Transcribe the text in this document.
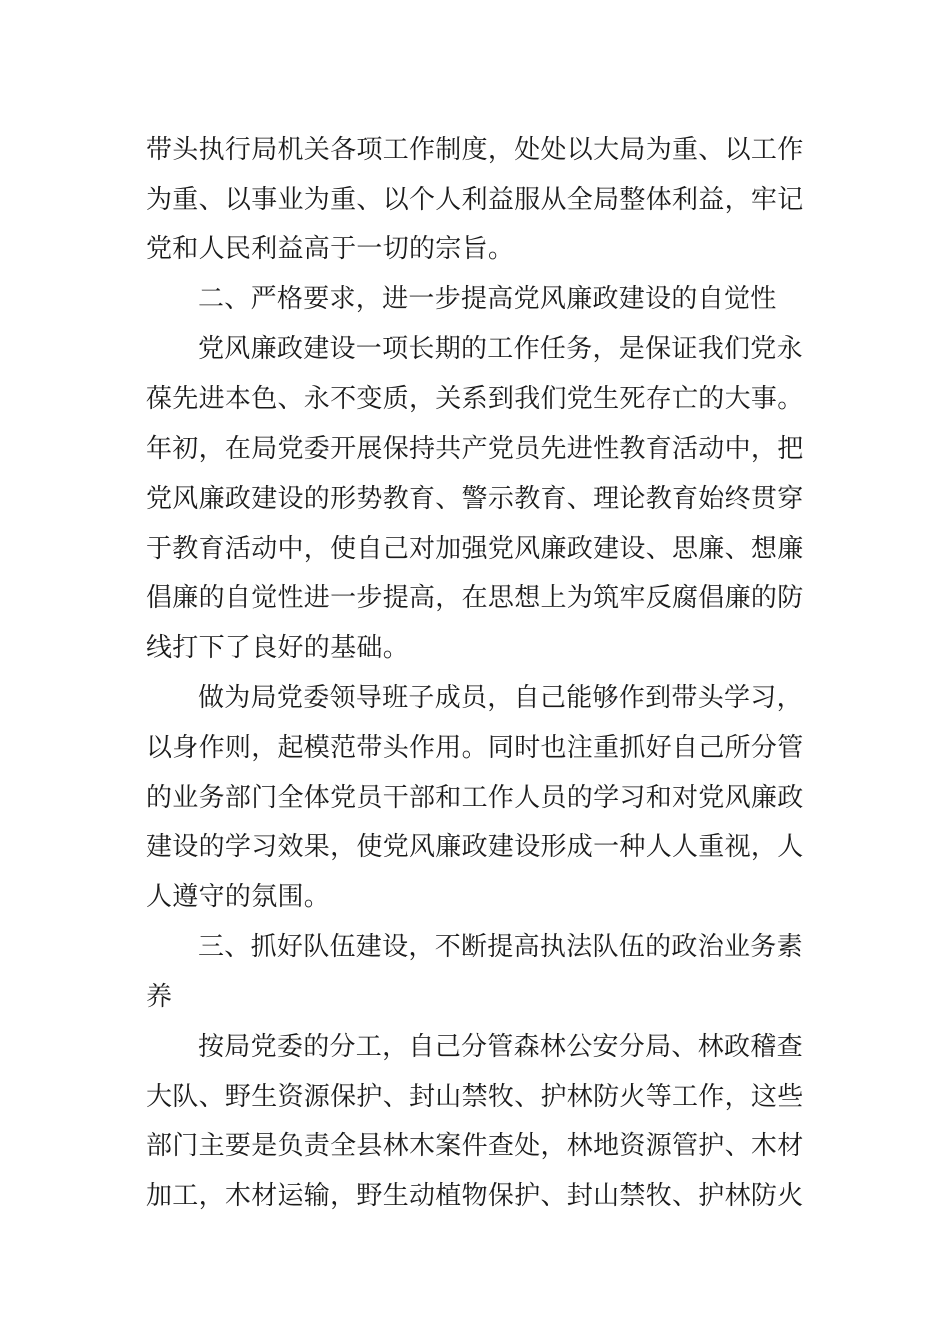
带头执行局机关各项工作制度，处处以大局为重、以工作
为重、以事业为重、以个人利益服从全局整体利益，牢记
党和人民利益高于一切的宗旨。
二、严格要求，进一步提高党风廉政建设的自觉性
党风廉政建设一项长期的工作任务，是保证我们党永
葆先进本色、永不变质，关系到我们党生死存亡的大事。
年初，在局党委开展保持共产党员先进性教育活动中，把
党风廉政建设的形势教育、警示教育、理论教育始终贯穿
于教育活动中，使自己对加强党风廉政建设、思廉、想廉
倡廉的自觉性进一步提高，在思想上为筑牢反腐倡廉的防
线打下了良好的基础。
做为局党委领导班子成员，自己能够作到带头学习，
以身作则，起模范带头作用。同时也注重抓好自己所分管
的业务部门全体党员干部和工作人员的学习和对党风廉政
建设的学习效果，使党风廉政建设形成一种人人重视，人
人遵守的氛围。
三、抓好队伍建设，不断提高执法队伍的政治业务素
养
按局党委的分工，自己分管森林公安分局、林政稽查
大队、野生资源保护、封山禁牧、护林防火等工作，这些
部门主要是负责全县林木案件查处，林地资源管护、木材
加工，木材运输，野生动植物保护、封山禁牧、护林防火
